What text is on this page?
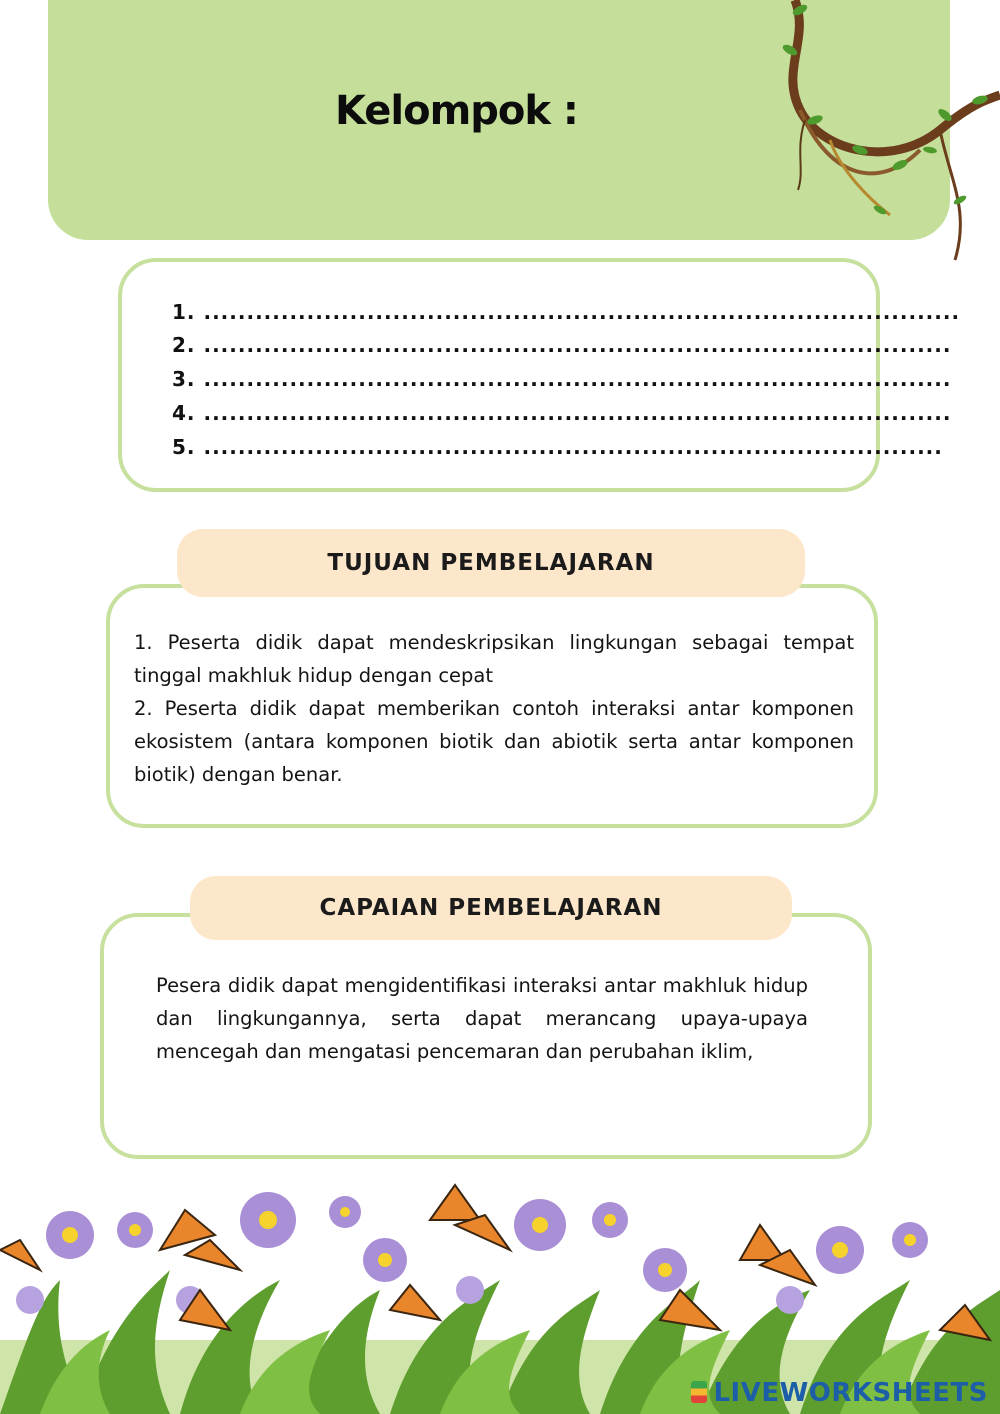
Kelompok :
1. ........................................................................................
2. .......................................................................................
3. .......................................................................................
4. .......................................................................................
5. ......................................................................................

1. Peserta didik dapat mendeskripsikan lingkungan sebagai tempat tinggal makhluk hidup dengan cepat

2. Peserta didik dapat memberikan contoh interaksi antar komponen ekosistem (antara komponen biotik dan abiotik serta antar komponen biotik) dengan benar.

TUJUAN PEMBELAJARAN
Pesera didik dapat mengidentifikasi interaksi antar makhluk hidup dan lingkungannya, serta dapat merancang upaya-upaya mencegah dan mengatasi pencemaran dan perubahan iklim,
CAPAIAN PEMBELAJARAN
LIVEWORKSHEETS
